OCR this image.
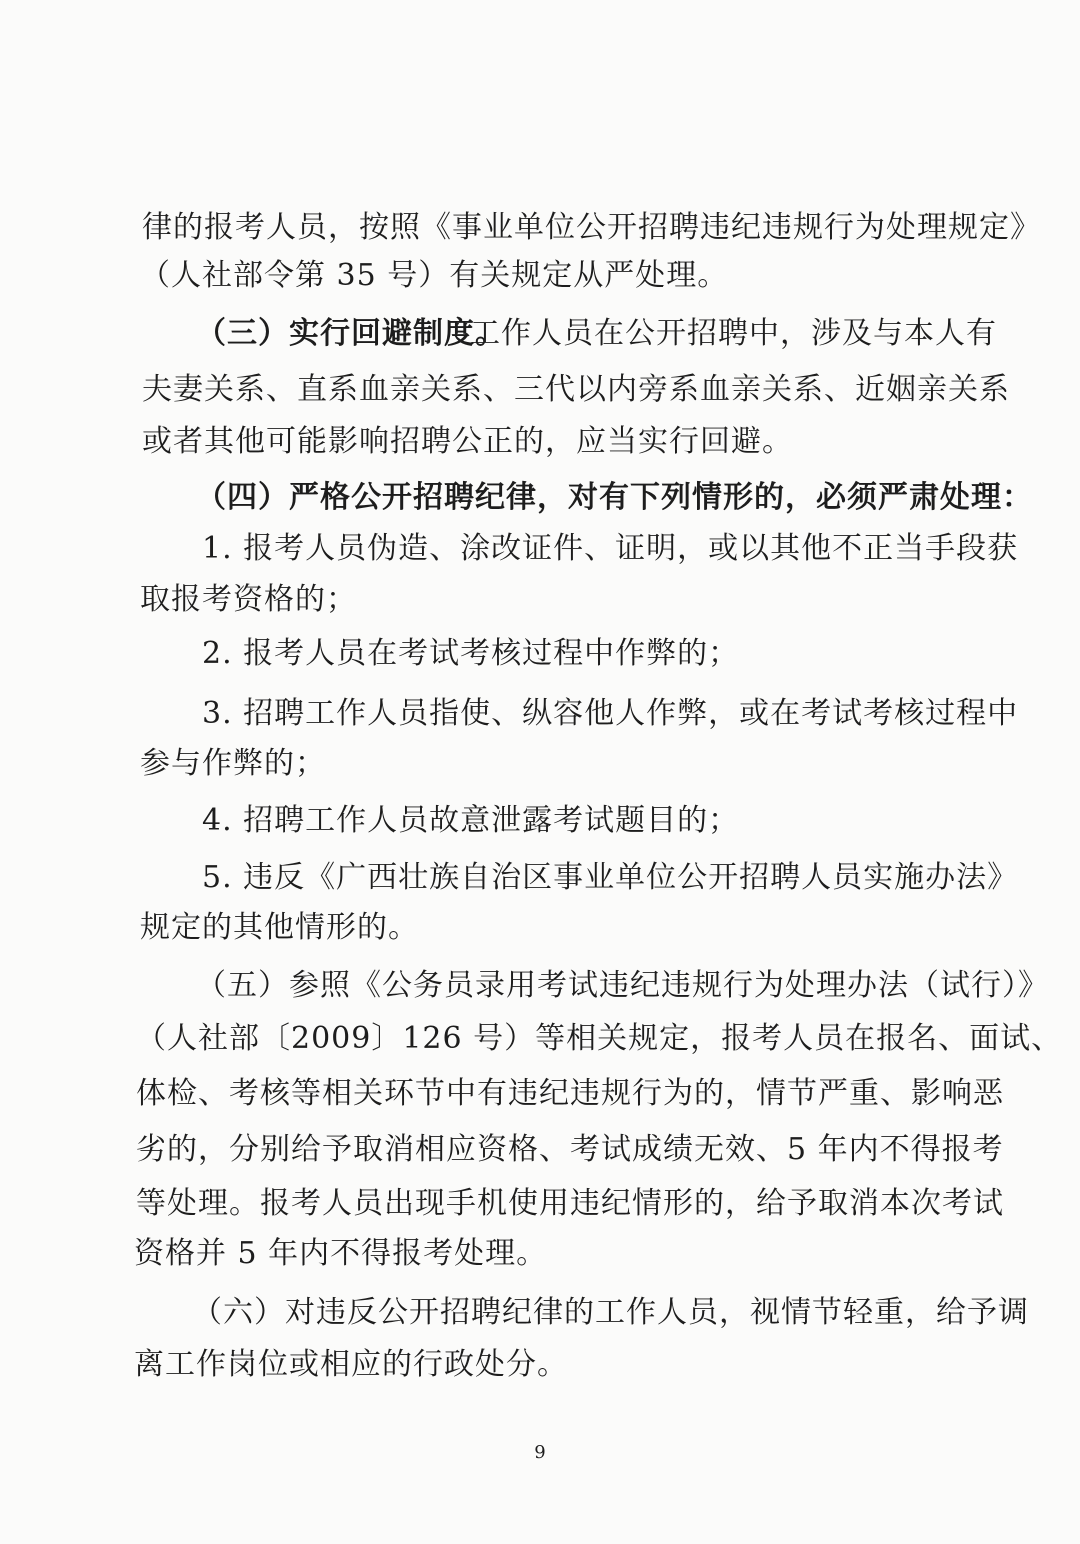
律的报考人员，按照《事业单位公开招聘违纪违规行为处理规定》
（人社部令第 35 号）有关规定从严处理。
（三）实行回避制度。
工作人员在公开招聘中，涉及与本人有
夫妻关系、直系血亲关系、三代以内旁系血亲关系、近姻亲关系
或者其他可能影响招聘公正的，应当实行回避。
（四）严格公开招聘纪律，对有下列情形的，必须严肃处理：
1. 报考人员伪造、涂改证件、证明，或以其他不正当手段获
取报考资格的；
2. 报考人员在考试考核过程中作弊的；
3. 招聘工作人员指使、纵容他人作弊，或在考试考核过程中
参与作弊的；
4. 招聘工作人员故意泄露考试题目的；
5. 违反《广西壮族自治区事业单位公开招聘人员实施办法》
规定的其他情形的。
（五）参照《公务员录用考试违纪违规行为处理办法（试行）》
（人社部〔2009〕126 号）等相关规定，报考人员在报名、面试、
体检、考核等相关环节中有违纪违规行为的，情节严重、影响恶
劣的，分别给予取消相应资格、考试成绩无效、5 年内不得报考
等处理。报考人员出现手机使用违纪情形的，给予取消本次考试
资格并 5 年内不得报考处理。
（六）对违反公开招聘纪律的工作人员，视情节轻重，给予调
离工作岗位或相应的行政处分。
9
